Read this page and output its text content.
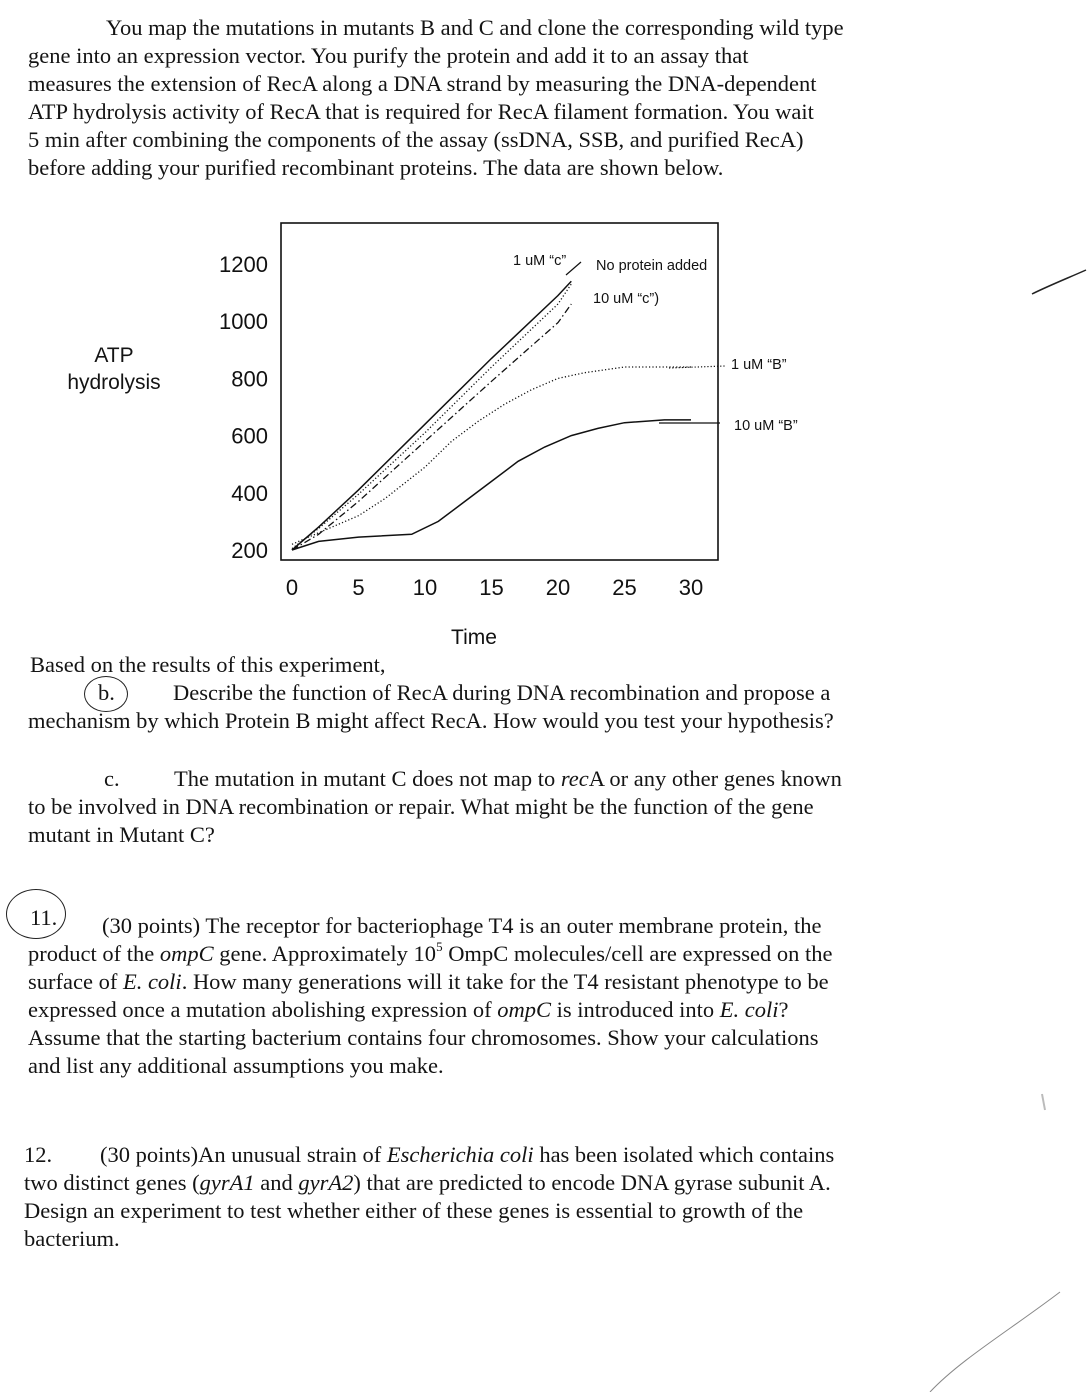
You map the mutations in mutants B and C and clone the corresponding wild type
gene into an expression vector. You purify the protein and add it to an assay that
measures the extension of RecA along a DNA strand by measuring the DNA-dependent
ATP hydrolysis activity of RecA that is required for RecA filament formation. You wait
5 min after combining the components of the assay (ssDNA, SSB, and purified RecA)
before adding your purified recombinant proteins. The data are shown below.
1200
1000
800
600
400
200
0 5 10 15 20 25 30
1 uM “c” No protein added
10 uM “c”)
1 uM “B”
10 uM “B”
Time
ATP
hydrolysis
Based on the results of this experiment,
b.	Describe the function of RecA during DNA recombination and propose a
mechanism by which Protein B might affect RecA. How would you test your hypothesis?
c.	The mutation in mutant C does not map to recA or any other genes known
to be involved in DNA recombination or repair. What might be the function of the gene
mutant in Mutant C?
11.	(30 points) The receptor for bacteriophage T4 is an outer membrane protein, the
product of the ompC gene. Approximately $10^5$ OmpC molecules/cell are expressed on the
surface of E. coli. How many generations will it take for the T4 resistant phenotype to be
expressed once a mutation abolishing expression of ompC is introduced into E. coli?
Assume that the starting bacterium contains four chromosomes. Show your calculations
and list any additional assumptions you make.
12. (30 points)An unusual strain of Escherichia coli has been isolated which contains
two distinct genes (gyrA1 and gyrA2) that are predicted to encode DNA gyrase subunit A.
Design an experiment to test whether either of these genes is essential to growth of the
bacterium.
